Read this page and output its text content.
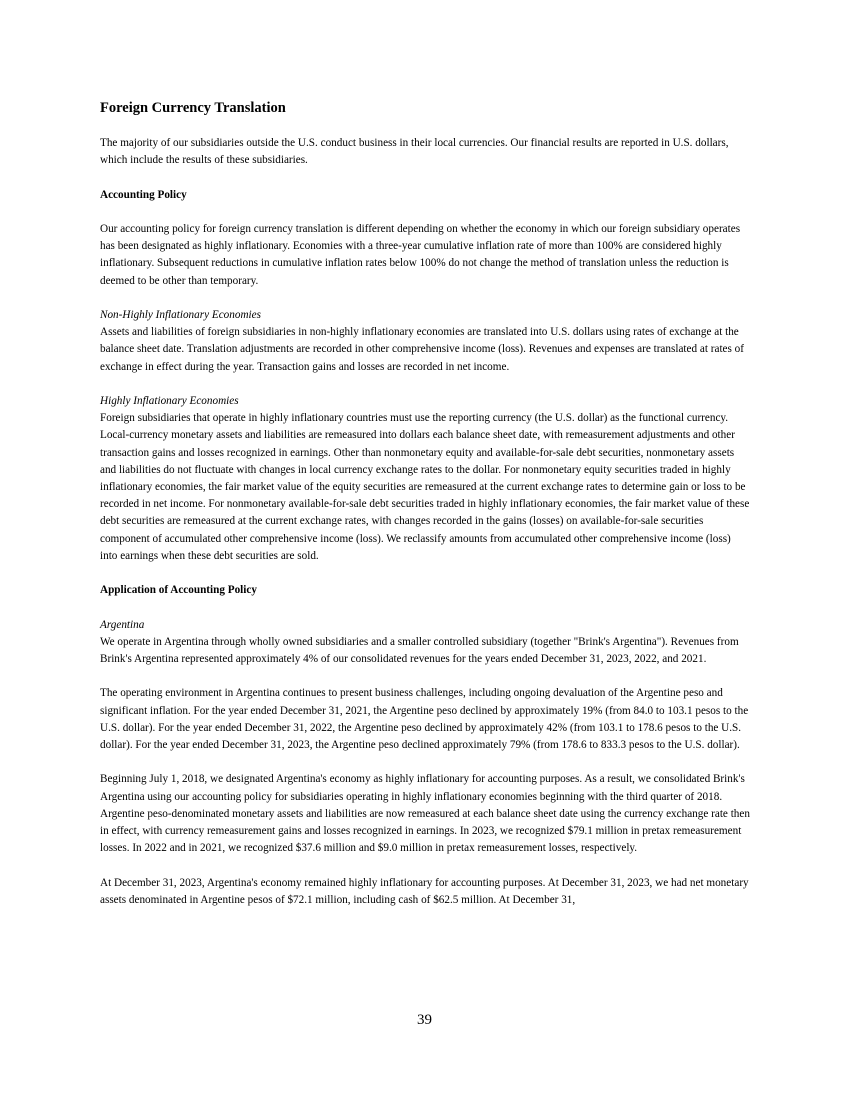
Foreign Currency Translation

The majority of our subsidiaries outside the U.S. conduct business in their local currencies. Our financial results are reported in U.S. dollars, which include the results of these subsidiaries.

Accounting Policy

Our accounting policy for foreign currency translation is different depending on whether the economy in which our foreign subsidiary operates has been designated as highly inflationary. Economies with a three-year cumulative inflation rate of more than 100% are considered highly inflationary. Subsequent reductions in cumulative inflation rates below 100% do not change the method of translation unless the reduction is deemed to be other than temporary.

Non-Highly Inflationary Economies
Assets and liabilities of foreign subsidiaries in non-highly inflationary economies are translated into U.S. dollars using rates of exchange at the balance sheet date. Translation adjustments are recorded in other comprehensive income (loss). Revenues and expenses are translated at rates of exchange in effect during the year. Transaction gains and losses are recorded in net income.
Highly Inflationary Economies
Foreign subsidiaries that operate in highly inflationary countries must use the reporting currency (the U.S. dollar) as the functional currency. Local-currency monetary assets and liabilities are remeasured into dollars each balance sheet date, with remeasurement adjustments and other transaction gains and losses recognized in earnings. Other than nonmonetary equity and available-for-sale debt securities, nonmonetary assets and liabilities do not fluctuate with changes in local currency exchange rates to the dollar. For nonmonetary equity securities traded in highly inflationary economies, the fair market value of the equity securities are remeasured at the current exchange rates to determine gain or loss to be recorded in net income. For nonmonetary available-for-sale debt securities traded in highly inflationary economies, the fair market value of these debt securities are remeasured at the current exchange rates, with changes recorded in the gains (losses) on available-for-sale securities component of accumulated other comprehensive income (loss). We reclassify amounts from accumulated other comprehensive income (loss) into earnings when these debt securities are sold.
Application of Accounting Policy
Argentina
We operate in Argentina through wholly owned subsidiaries and a smaller controlled subsidiary (together "Brink's Argentina"). Revenues from Brink's Argentina represented approximately 4% of our consolidated revenues for the years ended December 31, 2023, 2022, and 2021.

The operating environment in Argentina continues to present business challenges, including ongoing devaluation of the Argentine peso and significant inflation. For the year ended December 31, 2021, the Argentine peso declined by approximately 19% (from 84.0 to 103.1 pesos to the U.S. dollar). For the year ended December 31, 2022, the Argentine peso declined by approximately 42% (from 103.1 to 178.6 pesos to the U.S. dollar). For the year ended December 31, 2023, the Argentine peso declined approximately 79% (from 178.6 to 833.3 pesos to the U.S. dollar).

Beginning July 1, 2018, we designated Argentina's economy as highly inflationary for accounting purposes. As a result, we consolidated Brink's Argentina using our accounting policy for subsidiaries operating in highly inflationary economies beginning with the third quarter of 2018. Argentine peso-denominated monetary assets and liabilities are now remeasured at each balance sheet date using the currency exchange rate then in effect, with currency remeasurement gains and losses recognized in earnings. In 2023, we recognized $79.1 million in pretax remeasurement losses. In 2022 and in 2021, we recognized $37.6 million and $9.0 million in pretax remeasurement losses, respectively.

At December 31, 2023, Argentina's economy remained highly inflationary for accounting purposes. At December 31, 2023, we had net monetary assets denominated in Argentine pesos of $72.1 million, including cash of $62.5 million. At December 31,

39
